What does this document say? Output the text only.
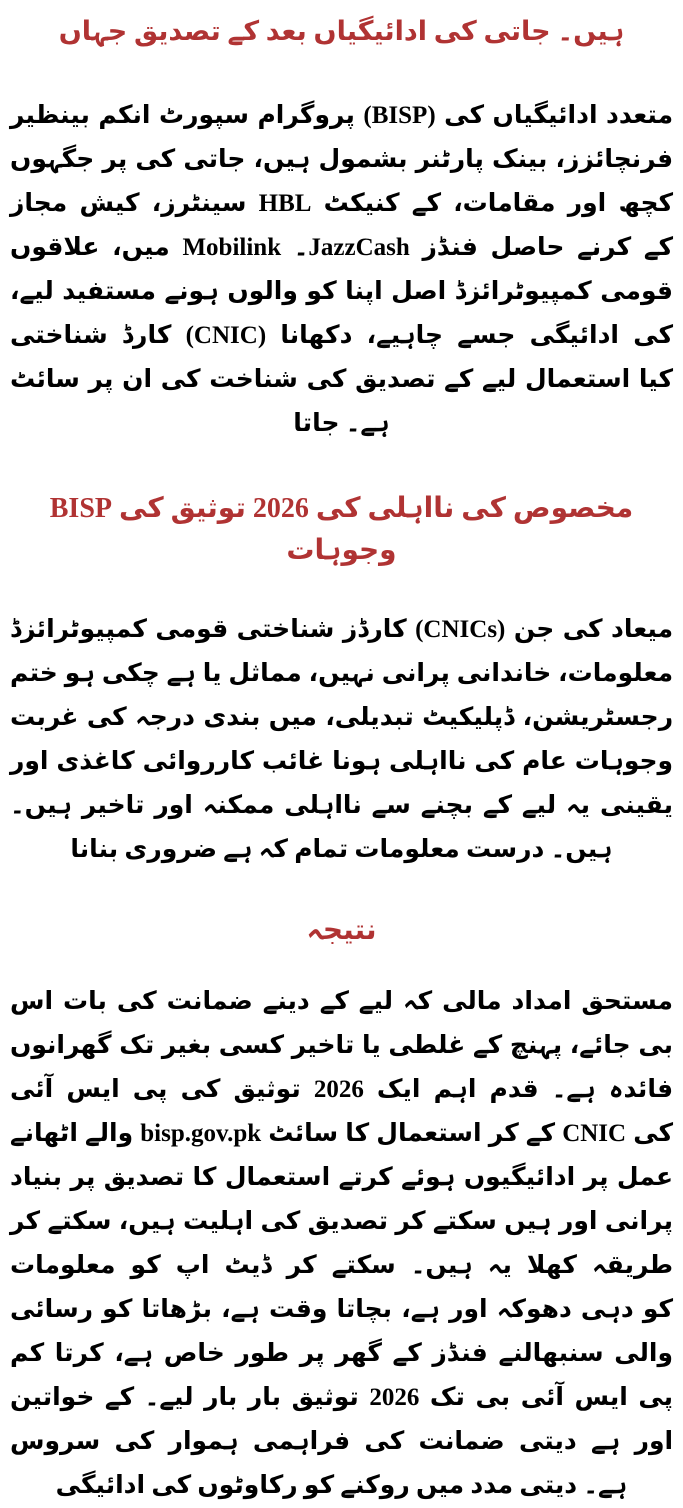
جہاں تصدیق کے بعد ادائیگیاں کی جاتی ہیں۔

بینظیر انکم سپورٹ پروگرام (BISP) کی ادائیگیاں متعدد جگہوں پر کی جاتی ہیں، بشمول پارٹنر بینک فرنچائزز، مجاز کیش سینٹرز، HBL کنیکٹ کے مقامات، اور کچھ علاقوں میں، Mobilink JazzCash۔ فنڈز حاصل کرنے کے لیے، مستفید ہونے والوں کو اپنا اصل کمپیوٹرائزڈ قومی شناختی کارڈ (CNIC) دکھانا چاہیے، جسے ادائیگی کی سائٹ پر ان کی شناخت کی تصدیق کے لیے استعمال کیا جاتا ہے۔

BISP کی توثیق 2026 کی نااہلی کی مخصوص وجوہات

کمپیوٹرائزڈ قومی شناختی کارڈز (CNICs) جن کی میعاد ختم ہو چکی ہے یا مماثل نہیں، پرانی خاندانی معلومات، غربت کی درجہ بندی میں تبدیلی، ڈپلیکیٹ رجسٹریشن، اور کاغذی کارروائی غائب ہونا نااہلی کی عام وجوہات ہیں۔ تاخیر اور ممکنہ نااہلی سے بچنے کے لیے یہ یقینی بنانا ضروری ہے کہ تمام معلومات درست ہیں۔

نتیجہ

اس بات کی ضمانت دینے کے لیے کہ مالی امداد مستحق گھرانوں تک بغیر کسی تاخیر یا غلطی کے پہنچ جائے، بی آئی ایس پی کی توثیق 2026 ایک اہم قدم ہے۔ فائدہ اٹھانے والے bisp.gov.pk سائٹ کا استعمال کر کے CNIC کی بنیاد پر تصدیق کا استعمال کرتے ہوئے ادائیگیوں پر عمل کر سکتے ہیں، اہلیت کی تصدیق کر سکتے ہیں اور پرانی معلومات کو اپ ڈیٹ کر سکتے ہیں۔ یہ کھلا طریقہ رسائی کو بڑھاتا ہے، وقت بچاتا ہے، اور دھوکہ دہی کو کم کرتا ہے، خاص طور پر گھر کے فنڈز سنبھالنے والی خواتین کے لیے۔ بار بار توثیق 2026 تک بی آئی ایس پی سروس کی ہموار فراہمی کی ضمانت دیتی ہے اور ادائیگی کی رکاوٹوں کو روکنے میں مدد دیتی ہے۔
